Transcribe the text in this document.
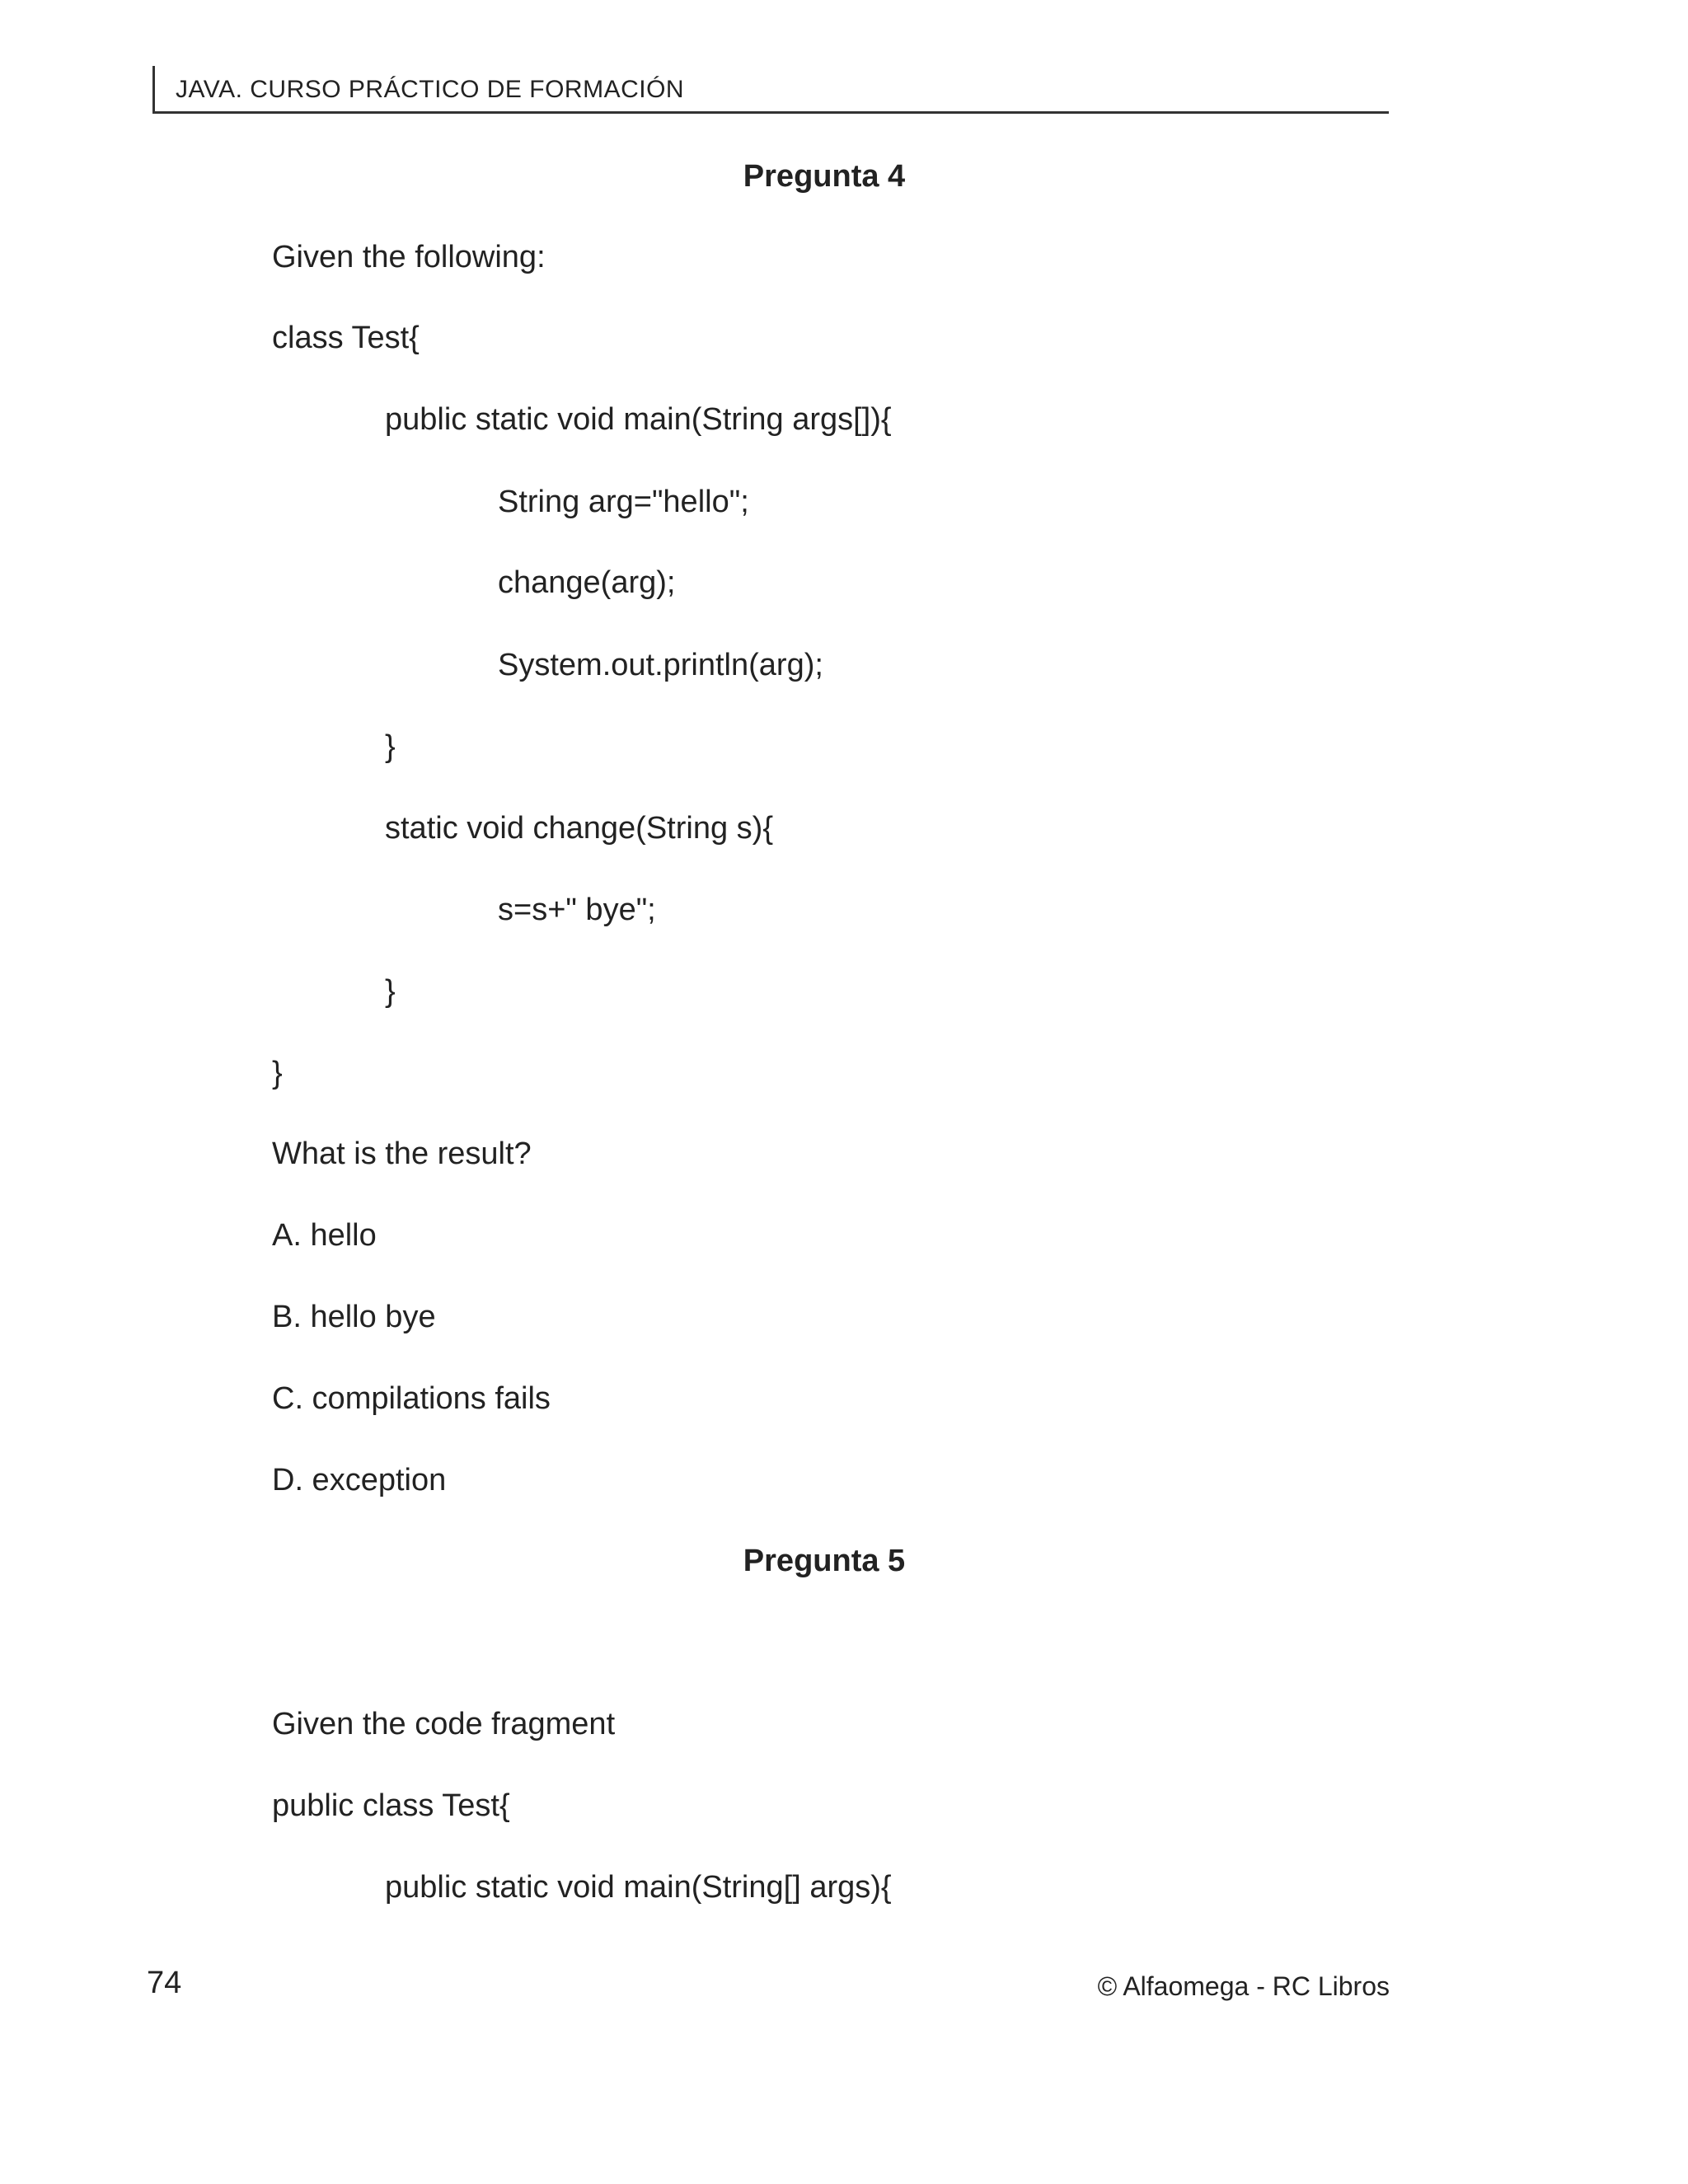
JAVA. CURSO PRÁCTICO DE FORMACIÓN
Pregunta 4
Given the following:
class Test{
public static void main(String args[]){
String arg="hello";
change(arg);
System.out.println(arg);
}
static void change(String s){
s=s+" bye";
}
}
What is the result?
A. hello
B. hello bye
C. compilations fails
D. exception
Pregunta 5
Given the code fragment
public class Test{
public static void main(String[] args){
74	© Alfaomega - RC Libros
